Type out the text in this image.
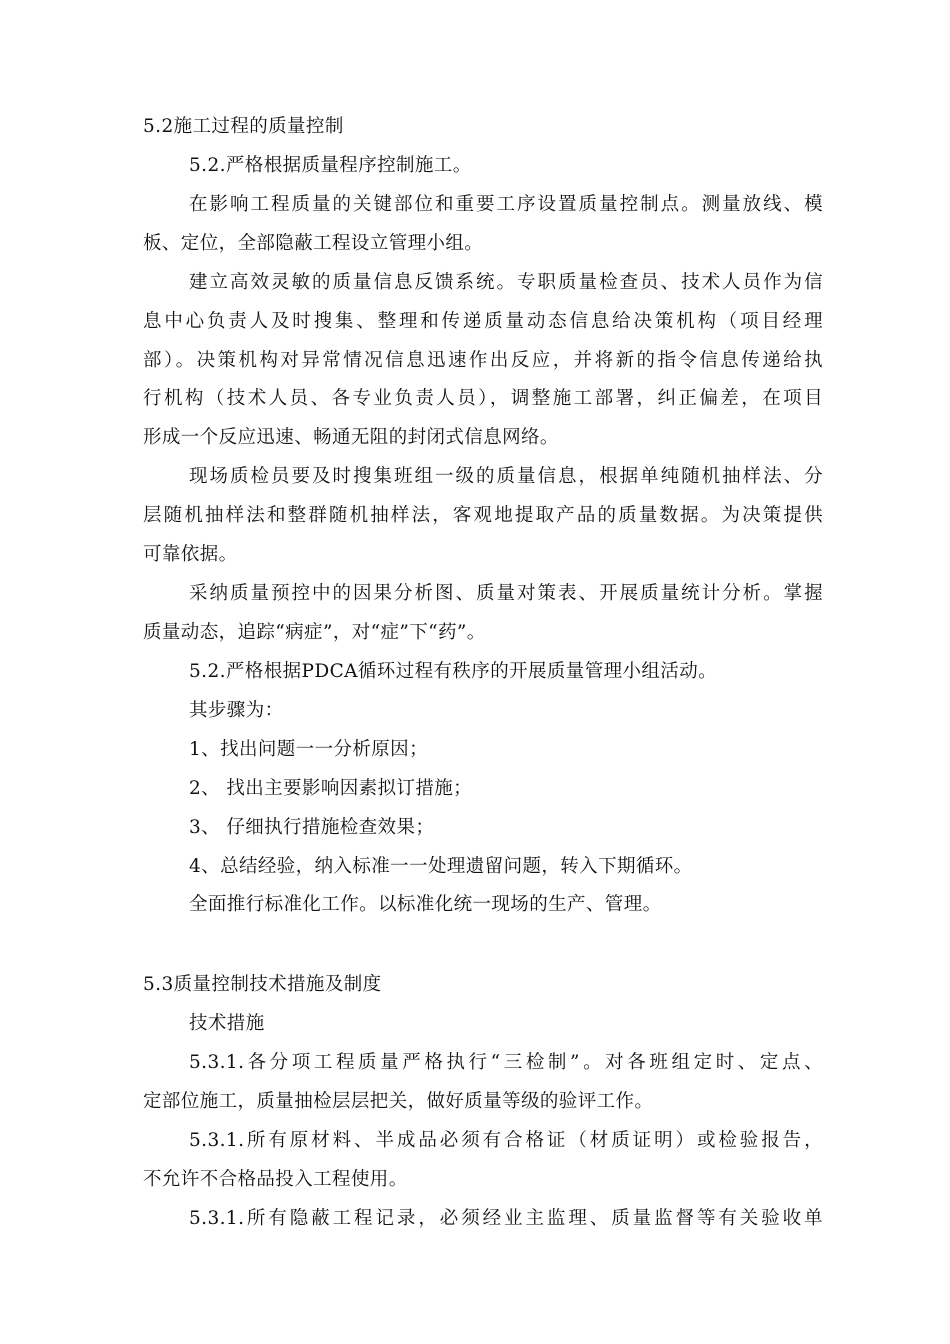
5.2施工过程的质量控制
5.2.严格根据质量程序控制施工。
在影响工程质量的关键部位和重要工序设置质量控制点。测量放线、模
板、定位，全部隐蔽工程设立管理小组。
建立高效灵敏的质量信息反馈系统。专职质量检查员、技术人员作为信
息中心负责人及时搜集、整理和传递质量动态信息给决策机构（项目经理
部）。决策机构对异常情况信息迅速作出反应，并将新的指令信息传递给执
行机构（技术人员、各专业负责人员），调整施工部署，纠正偏差，在项目
形成一个反应迅速、畅通无阻的封闭式信息网络。
现场质检员要及时搜集班组一级的质量信息，根据单纯随机抽样法、分
层随机抽样法和整群随机抽样法，客观地提取产品的质量数据。为决策提供
可靠依据。
采纳质量预控中的因果分析图、质量对策表、开展质量统计分析。掌握
质量动态，追踪“病症”，对“症”下“药”。
5.2.严格根据PDCA循环过程有秩序的开展质量管理小组活动。
其步骤为：
1、找出问题一一分析原因；
2、 找出主要影响因素拟订措施；
3、 仔细执行措施检查效果；
4、总结经验，纳入标准一一处理遗留问题，转入下期循环。
全面推行标准化工作。以标准化统一现场的生产、管理。
5.3质量控制技术措施及制度
技术措施
5.3.1.各分项工程质量严格执行“三检制”。对各班组定时、定点、
定部位施工，质量抽检层层把关，做好质量等级的验评工作。
5.3.1.所有原材料、半成品必须有合格证（材质证明）或检验报告，
不允许不合格品投入工程使用。
5.3.1.所有隐蔽工程记录，必须经业主监理、质量监督等有关验收单
